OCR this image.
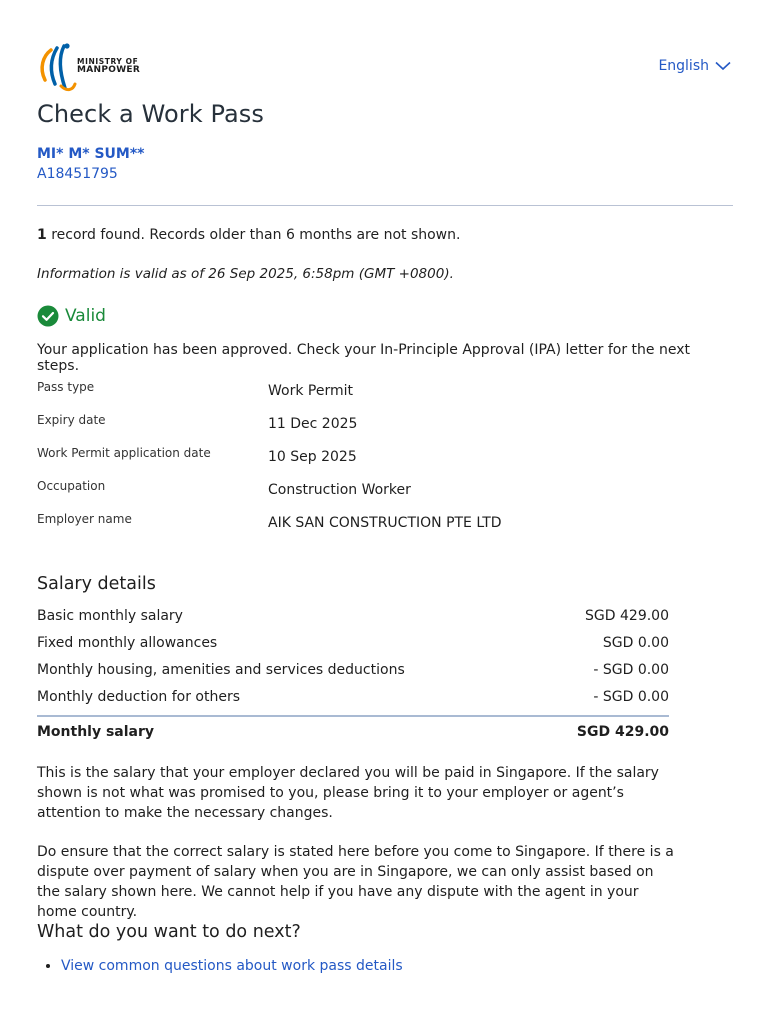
MINISTRY OF
MANPOWER	English
Check a Work Pass
MI* M* SUM**
A18451795
1 record found. Records older than 6 months are not shown.
Information is valid as of 26 Sep 2025, 6:58pm (GMT +0800).
Valid
Your application has been approved. Check your In-Principle Approval (IPA) letter for the next steps.
Pass type	Work Permit
Expiry date	11 Dec 2025
Work Permit application date	10 Sep 2025
Occupation	Construction Worker
Employer name	AIK SAN CONSTRUCTION PTE LTD
Salary details
Basic monthly salary	SGD 429.00
Fixed monthly allowances	SGD 0.00
Monthly housing, amenities and services deductions	- SGD 0.00
Monthly deduction for others	- SGD 0.00
Monthly salary	SGD 429.00

This is the salary that your employer declared you will be paid in Singapore. If the salary shown is not what was promised to you, please bring it to your employer or agent’s attention to make the necessary changes.

Do ensure that the correct salary is stated here before you come to Singapore. If there is a dispute over payment of salary when you are in Singapore, we can only assist based on the salary shown here. We cannot help if you have any dispute with the agent in your home country.

What do you want to do next?
• View common questions about work pass details
